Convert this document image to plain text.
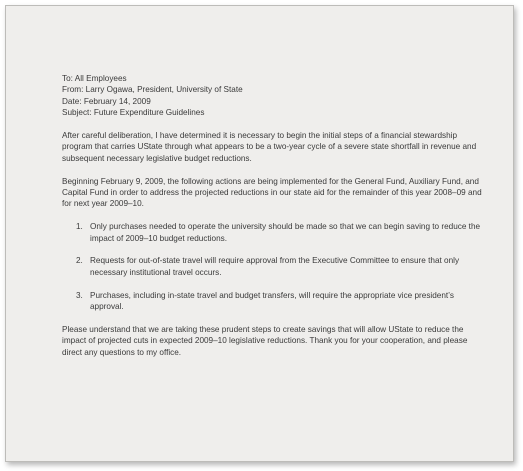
To: All Employees
From: Larry Ogawa, President, University of State
Date: February 14, 2009
Subject: Future Expenditure Guidelines
After careful deliberation, I have determined it is necessary to begin the initial steps of a financial stewardship program that carries UState through what appears to be a two-year cycle of a severe state shortfall in revenue and subsequent necessary legislative budget reductions.
Beginning February 9, 2009, the following actions are being implemented for the General Fund, Auxiliary Fund, and Capital Fund in order to address the projected reductions in our state aid for the remainder of this year 2008–09 and for next year 2009–10.
1. Only purchases needed to operate the university should be made so that we can begin saving to reduce the impact of 2009–10 budget reductions.
2. Requests for out-of-state travel will require approval from the Executive Committee to ensure that only necessary institutional travel occurs.
3. Purchases, including in-state travel and budget transfers, will require the appropriate vice president’s approval.
Please understand that we are taking these prudent steps to create savings that will allow UState to reduce the impact of projected cuts in expected 2009–10 legislative reductions. Thank you for your cooperation, and please direct any questions to my office.
